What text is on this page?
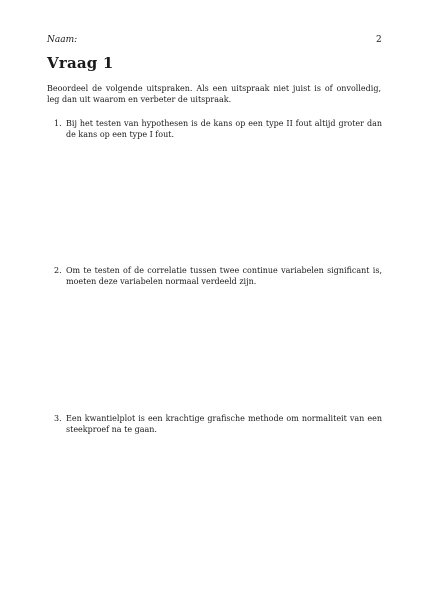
Naam:	2
Vraag 1
Beoordeel de volgende uitspraken. Als een uitspraak niet juist is of onvolledig, leg dan uit waarom en verbeter de uitspraak.
1. Bij het testen van hypothesen is de kans op een type II fout altijd groter dan de kans op een type I fout.
2. Om te testen of de correlatie tussen twee continue variabelen significant is, moeten deze variabelen normaal verdeeld zijn.
3. Een kwantielplot is een krachtige grafische methode om normaliteit van een steekproef na te gaan.
